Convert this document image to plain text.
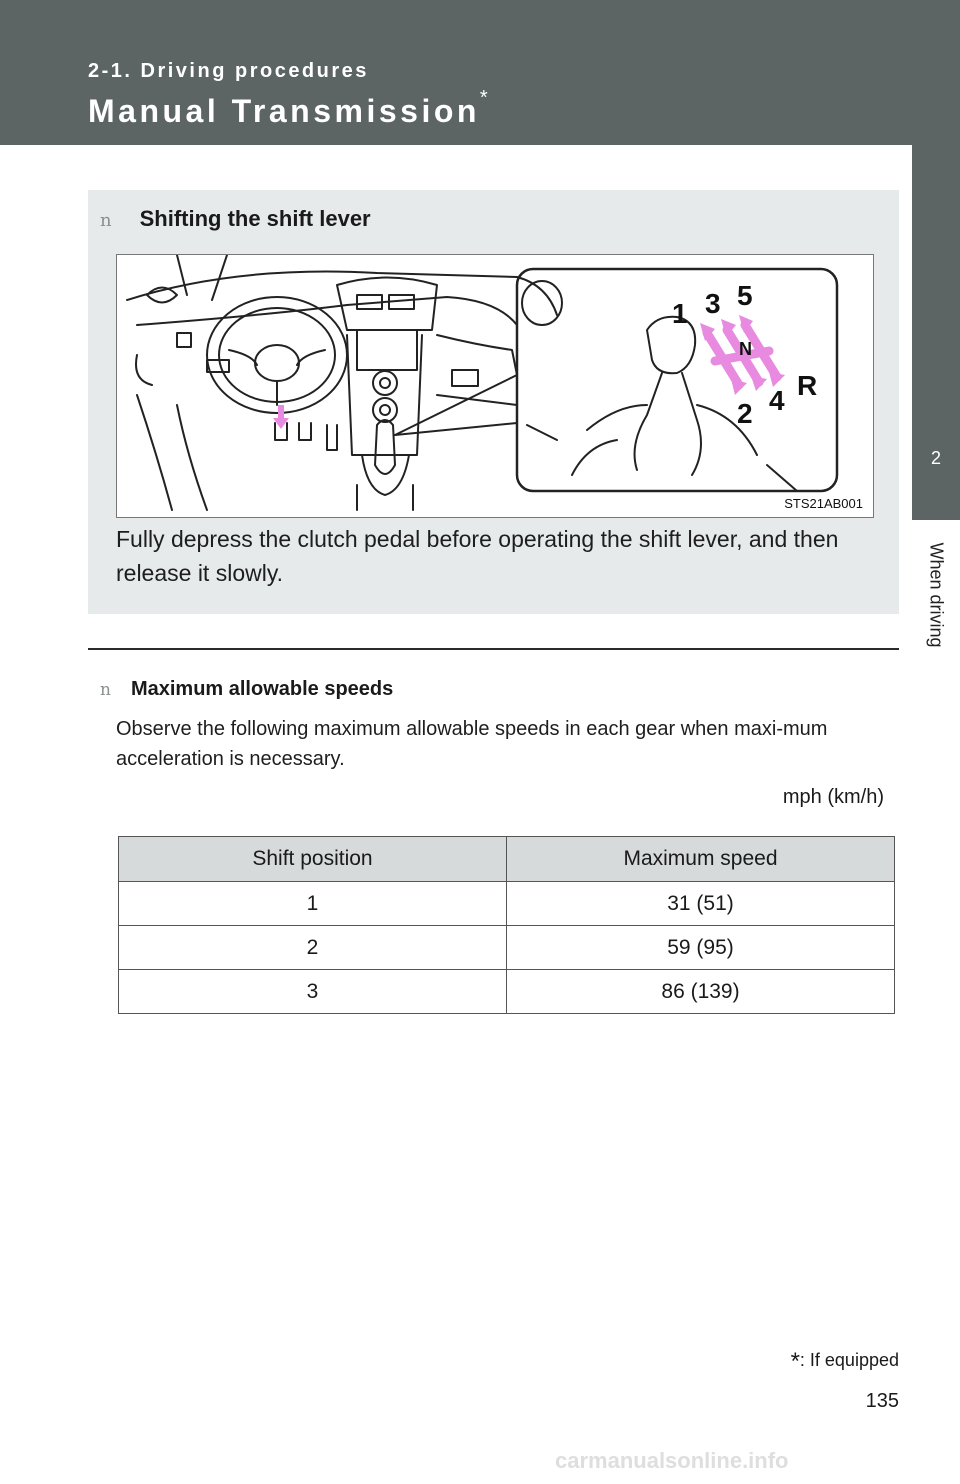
2-1. Driving procedures
Manual Transmission*
2
When driving
n Shifting the shift lever
1 3 5
N
2 4 R
STS21AB001
Fully depress the clutch pedal before operating the shift lever, and then release it slowly.
n Maximum allowable speeds
Observe the following maximum allowable speeds in each gear when maxi-mum acceleration is necessary.
mph (km/h)
Shift position	Maximum speed
1	31 (51)
2	59 (95)
3	86 (139)
*: If equipped
135
carmanualsonline.info
